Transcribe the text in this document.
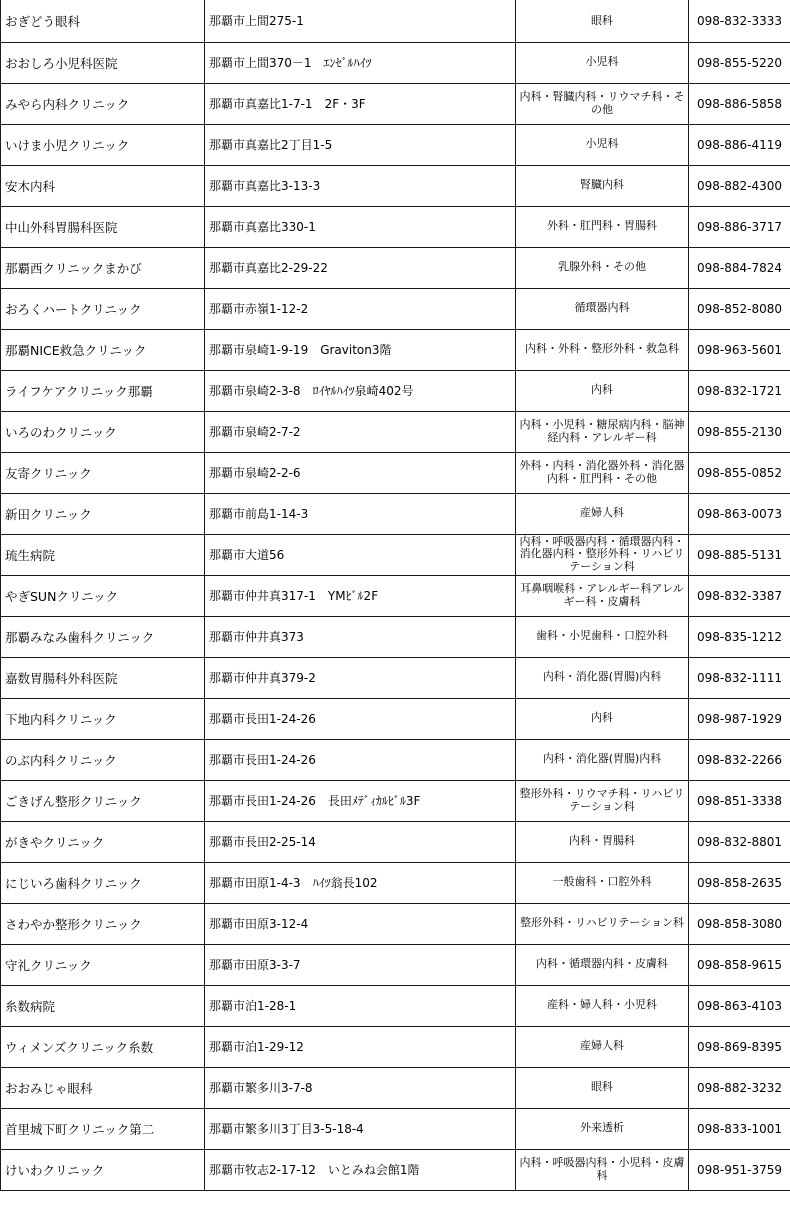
おぎどう眼科	那覇市上間275-1	眼科	098-832-3333
おおしろ小児科医院	那覇市上間370－1　ｴﾝｾﾞﾙﾊｲﾂ	小児科	098-855-5220
みやら内科クリニック	那覇市真嘉比1-7-1　2F・3F	内科・腎臓内科・リウマチ科・その他	098-886-5858
いけま小児クリニック	那覇市真嘉比2丁目1-5	小児科	098-886-4119
安木内科	那覇市真嘉比3-13-3	腎臓内科	098-882-4300
中山外科胃腸科医院	那覇市真嘉比330-1	外科・肛門科・胃腸科	098-886-3717
那覇西クリニックまかび	那覇市真嘉比2-29-22	乳腺外科・その他	098-884-7824
おろくハートクリニック	那覇市赤嶺1-12-2	循環器内科	098-852-8080
那覇NICE救急クリニック	那覇市泉崎1-9-19　Graviton3階	内科・外科・整形外科・救急科	098-963-5601
ライフケアクリニック那覇	那覇市泉崎2-3-8　ﾛｲﾔﾙﾊｲﾂ泉崎402号	内科	098-832-1721
いろのわクリニック	那覇市泉崎2-7-2	内科・小児科・糖尿病内科・脳神経内科・アレルギー科	098-855-2130
友寄クリニック	那覇市泉崎2-2-6	外科・内科・消化器外科・消化器内科・肛門科・その他	098-855-0852
新田クリニック	那覇市前島1-14-3	産婦人科	098-863-0073
琉生病院	那覇市大道56	内科・呼吸器内科・循環器内科・消化器内科・整形外科・リハビリテーション科	098-885-5131
やぎSUNクリニック	那覇市仲井真317-1　YMﾋﾞﾙ2F	耳鼻咽喉科・アレルギー科アレルギー科・皮膚科	098-832-3387
那覇みなみ歯科クリニック	那覇市仲井真373	歯科・小児歯科・口腔外科	098-835-1212
嘉数胃腸科外科医院	那覇市仲井真379-2	内科・消化器(胃腸)内科	098-832-1111
下地内科クリニック	那覇市長田1-24-26	内科	098-987-1929
のぶ内科クリニック	那覇市長田1-24-26	内科・消化器(胃腸)内科	098-832-2266
ごきげん整形クリニック	那覇市長田1-24-26　長田ﾒﾃﾞｨｶﾙﾋﾞﾙ3F	整形外科・リウマチ科・リハビリテーション科	098-851-3338
がきやクリニック	那覇市長田2-25-14	内科・胃腸科	098-832-8801
にじいろ歯科クリニック	那覇市田原1-4-3　ﾊｲﾂ翁長102	一般歯科・口腔外科	098-858-2635
さわやか整形クリニック	那覇市田原3-12-4	整形外科・リハビリテーション科	098-858-3080
守礼クリニック	那覇市田原3-3-7	内科・循環器内科・皮膚科	098-858-9615
糸数病院	那覇市泊1-28-1	産科・婦人科・小児科	098-863-4103
ウィメンズクリニック糸数	那覇市泊1-29-12	産婦人科	098-869-8395
おおみじゃ眼科	那覇市繁多川3-7-8	眼科	098-882-3232
首里城下町クリニック第二	那覇市繁多川3丁目3-5-18-4	外来透析	098-833-1001
けいわクリニック	那覇市牧志2-17-12　いとみね会館1階	内科・呼吸器内科・小児科・皮膚科	098-951-3759
